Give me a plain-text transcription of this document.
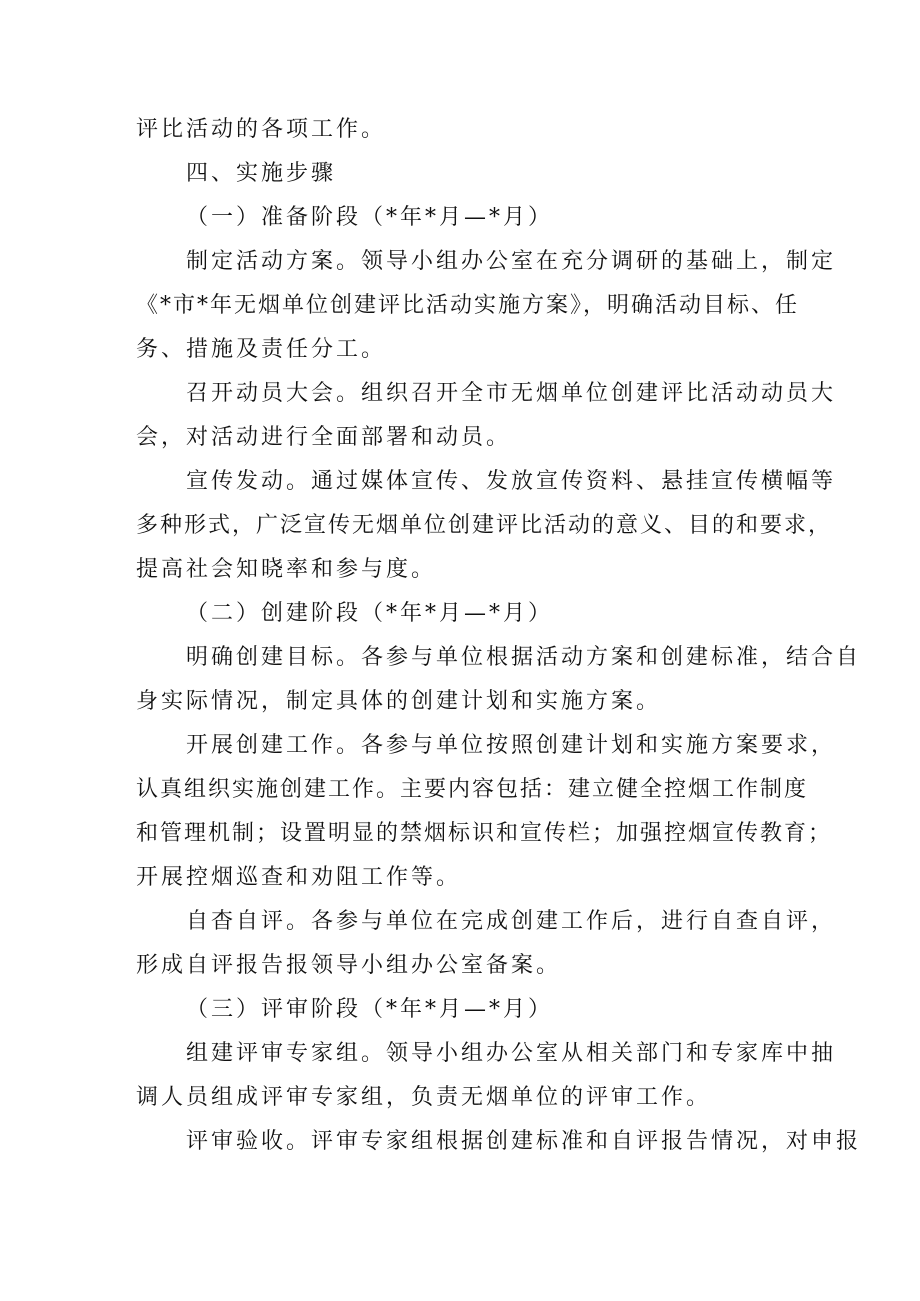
评比活动的各项工作。
四、实施步骤
（一）准备阶段（*年*月—*月）
制定活动方案。领导小组办公室在充分调研的基础上，制定
《*市*年无烟单位创建评比活动实施方案》，明确活动目标、任
务、措施及责任分工。
召开动员大会。组织召开全市无烟单位创建评比活动动员大
会，对活动进行全面部署和动员。
宣传发动。通过媒体宣传、发放宣传资料、悬挂宣传横幅等
多种形式，广泛宣传无烟单位创建评比活动的意义、目的和要求，
提高社会知晓率和参与度。
（二）创建阶段（*年*月—*月）
明确创建目标。各参与单位根据活动方案和创建标准，结合自
身实际情况，制定具体的创建计划和实施方案。
开展创建工作。各参与单位按照创建计划和实施方案要求，
认真组织实施创建工作。主要内容包括：建立健全控烟工作制度
和管理机制；设置明显的禁烟标识和宣传栏；加强控烟宣传教育；
开展控烟巡查和劝阻工作等。
自杳自评。各参与单位在完成创建工作后，进行自查自评，
形成自评报告报领导小组办公室备案。
（三）评审阶段（*年*月—*月）
组建评审专家组。领导小组办公室从相关部门和专家库中抽
调人员组成评审专家组，负责无烟单位的评审工作。
评审验收。评审专家组根据创建标准和自评报告情况，对申报
